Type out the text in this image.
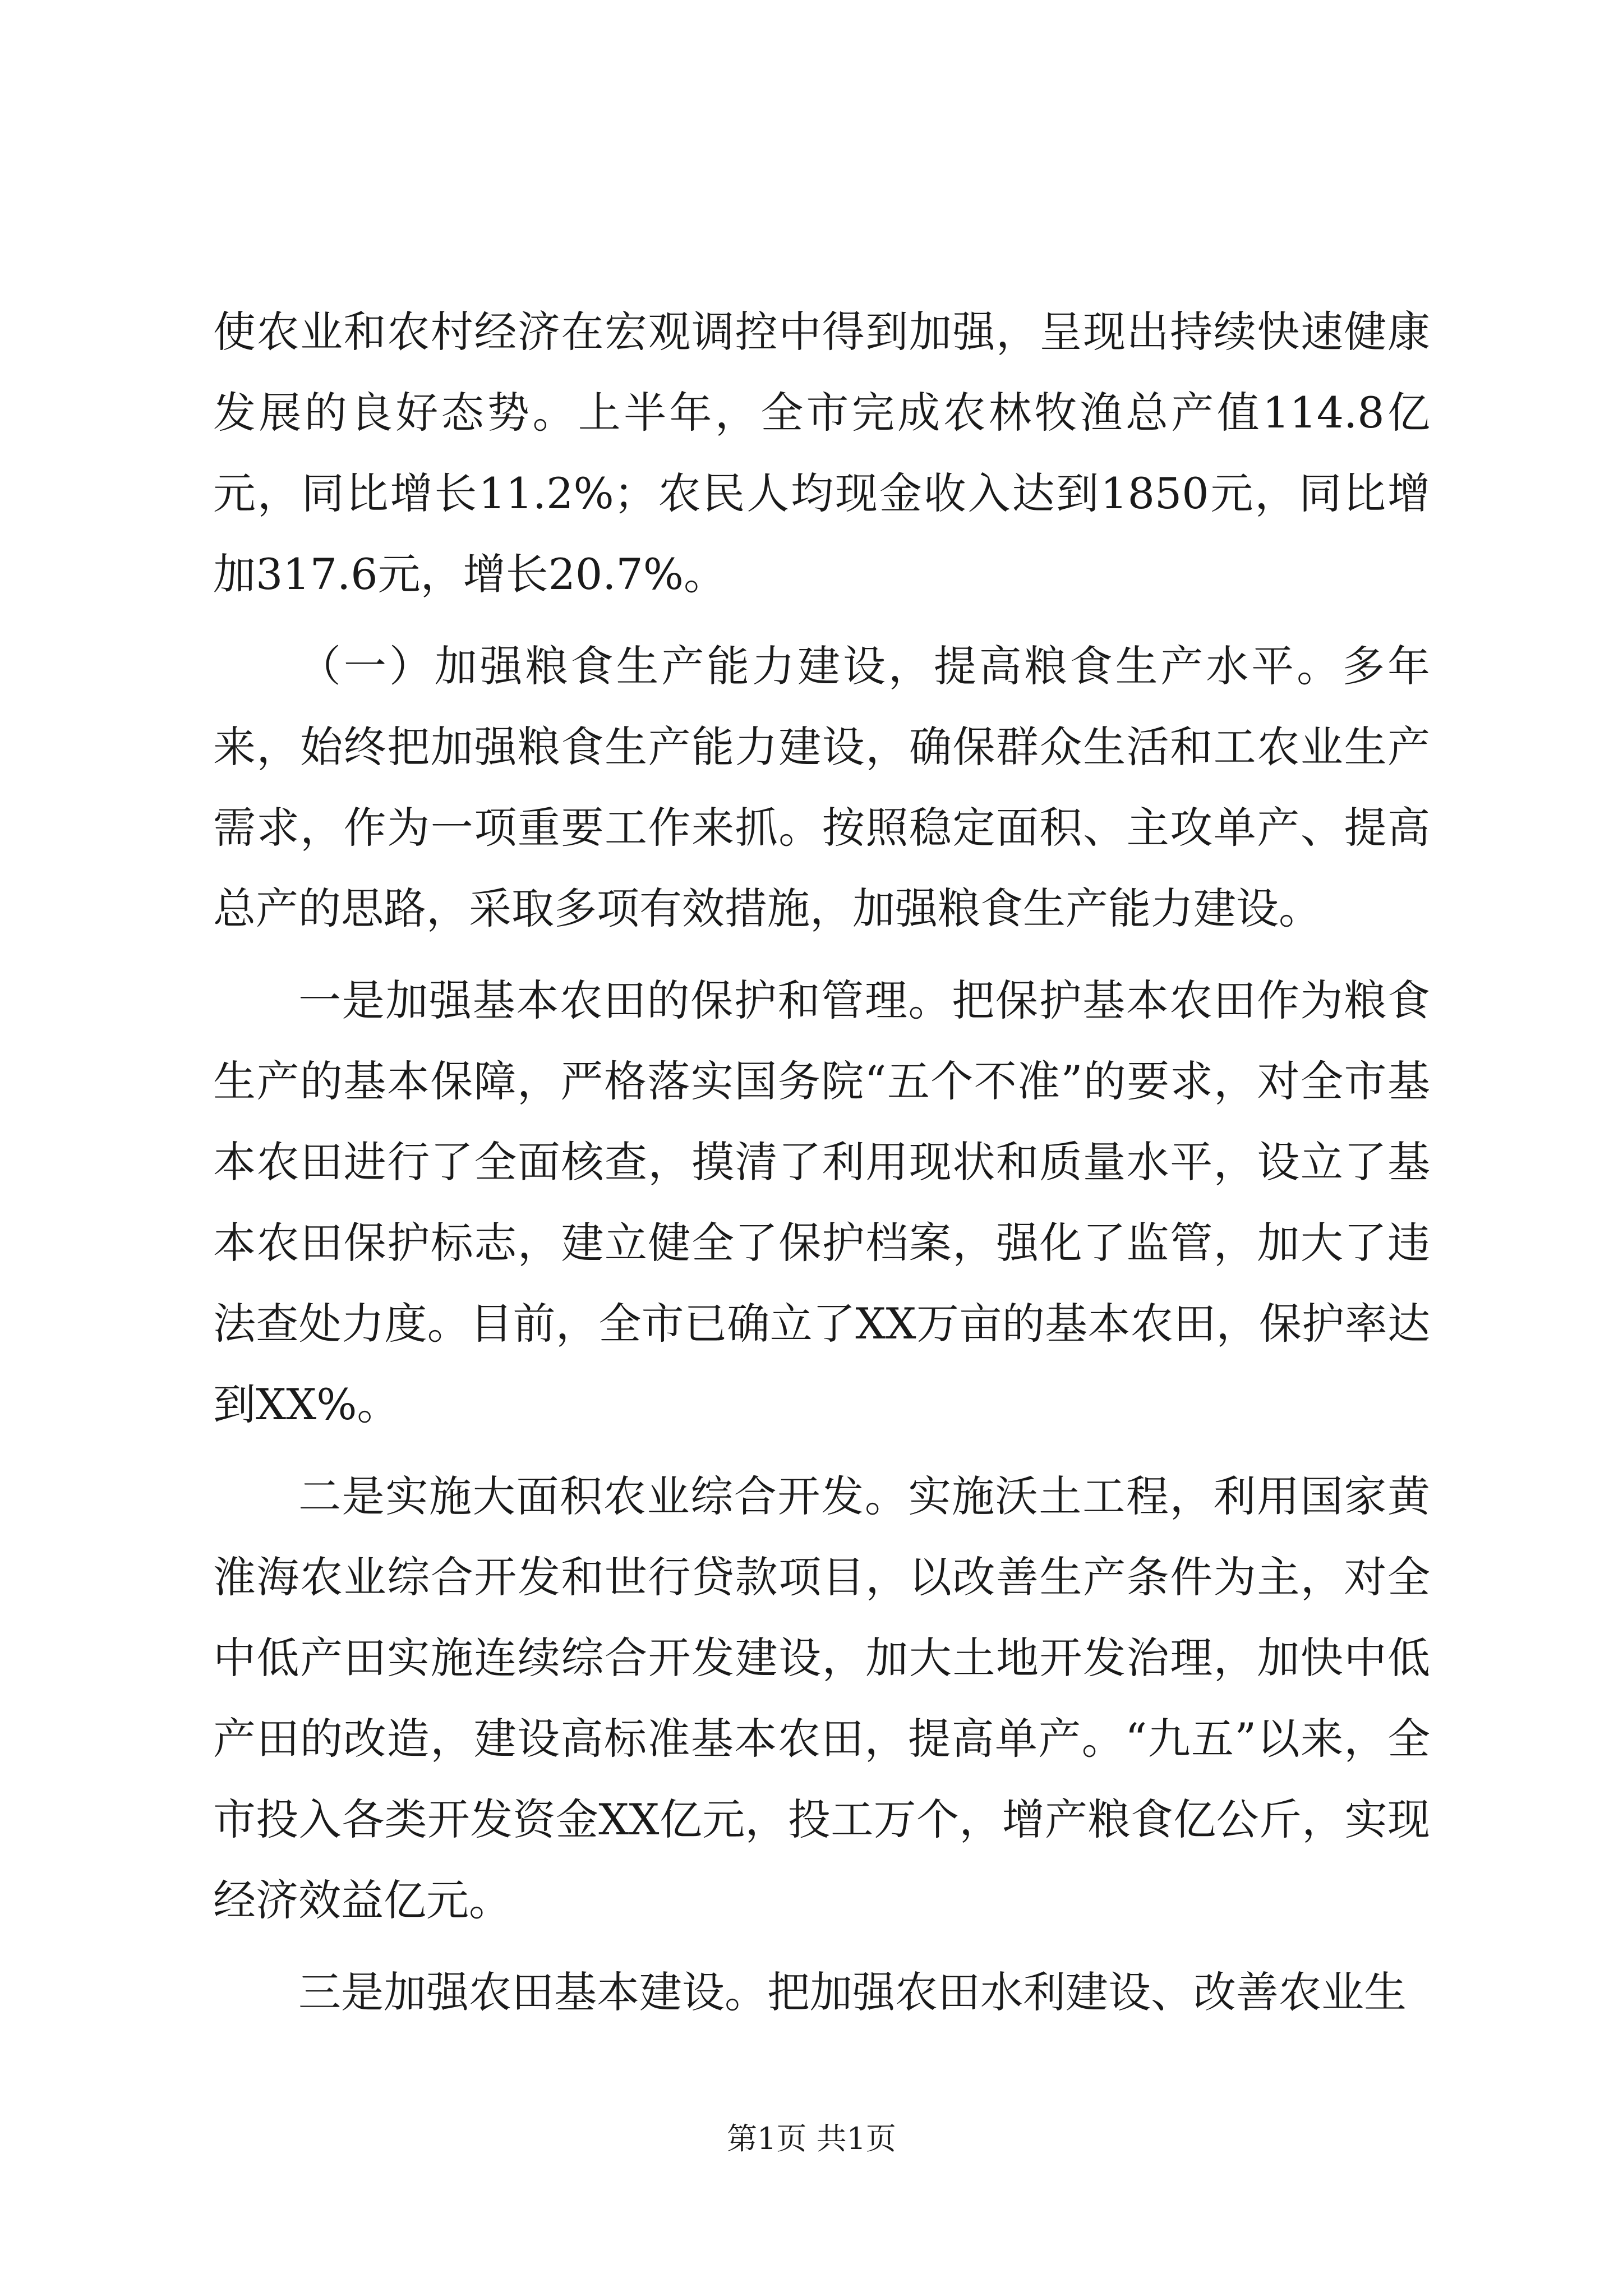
使农业和农村经济在宏观调控中得到加强，呈现出持续快速健康发展的良好态势。上半年，全市完成农林牧渔总产值114.8亿元，同比增长11.2%；农民人均现金收入达到1850元，同比增加317.6元，增长20.7%。

（一）加强粮食生产能力建设，提高粮食生产水平。多年来，始终把加强粮食生产能力建设，确保群众生活和工农业生产需求，作为一项重要工作来抓。按照稳定面积、主攻单产、提高总产的思路，采取多项有效措施，加强粮食生产能力建设。

一是加强基本农田的保护和管理。把保护基本农田作为粮食生产的基本保障，严格落实国务院“五个不准”的要求，对全市基本农田进行了全面核查，摸清了利用现状和质量水平，设立了基本农田保护标志，建立健全了保护档案，强化了监管，加大了违法查处力度。目前，全市已确立了XX万亩的基本农田，保护率达到XX%。

二是实施大面积农业综合开发。实施沃土工程，利用国家黄淮海农业综合开发和世行贷款项目，以改善生产条件为主，对全中低产田实施连续综合开发建设，加大土地开发治理，加快中低产田的改造，建设高标准基本农田，提高单产。“九五”以来，全市投入各类开发资金XX亿元，投工万个，增产粮食亿公斤，实现经济效益亿元。

三是加强农田基本建设。把加强农田水利建设、改善农业生

第1页 共1页
